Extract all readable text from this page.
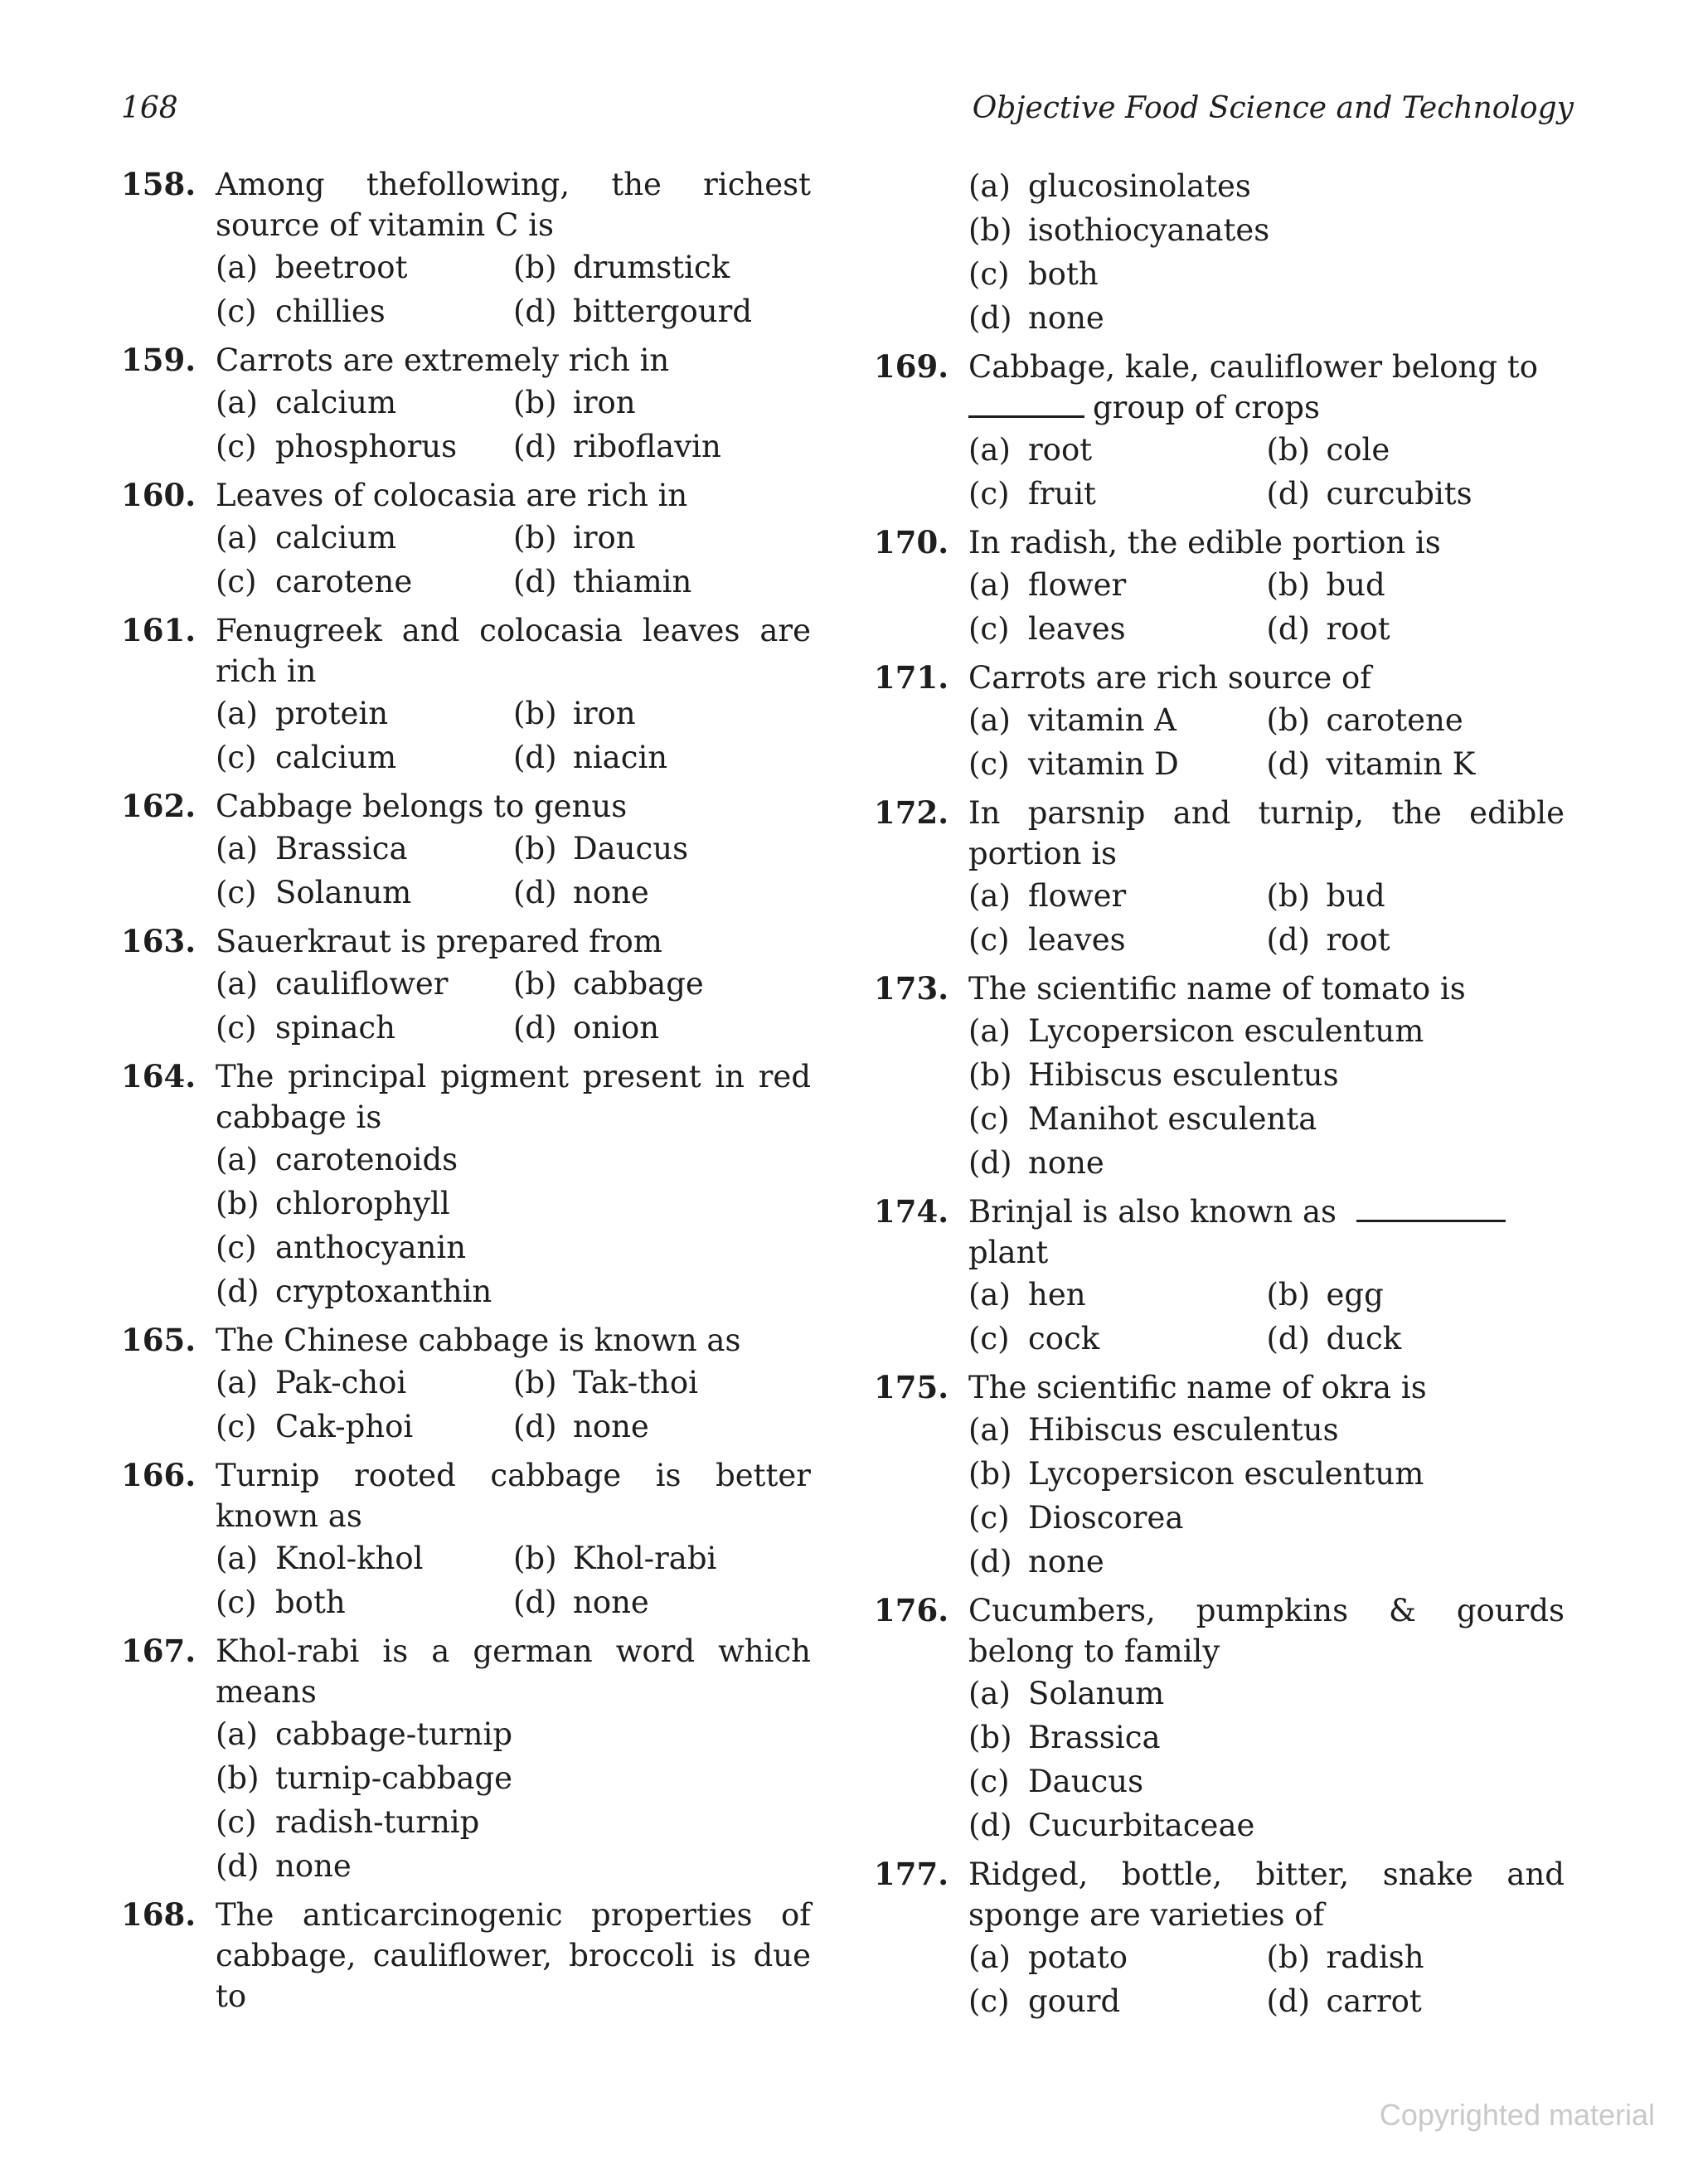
168	Objective Food Science and Technology
158. Among thefollowing, the richest source of vitamin C is
(a) beetroot	(b) drumstick
(c) chillies	(d) bittergourd
159. Carrots are extremely rich in
(a) calcium	(b) iron
(c) phosphorus (d) riboflavin
160. Leaves of colocasia are rich in
(a) calcium	(b) iron
(c) carotene	(d) thiamin
161. Fenugreek and colocasia leaves are rich in
(a) protein	(b) iron
(c) calcium	(d) niacin
162. Cabbage belongs to genus
(a) Brassica	(b) Daucus
(c) Solanum	(d) none
163. Sauerkraut is prepared from
(a) cauliflower (b) cabbage
(c) spinach	(d) onion
164. The principal pigment present in red cabbage is
(a) carotenoids
(b) chlorophyll
(c) anthocyanin
(d) cryptoxanthin
165. The Chinese cabbage is known as
(a) Pak-choi	(b) Tak-thoi
(c) Cak-phoi	(d) none
166. Turnip rooted cabbage is better known as
(a) Knol-khol	(b) Khol-rabi
(c) both	(d) none
167. Khol-rabi is a german word which means
(a) cabbage-turnip
(b) turnip-cabbage
(c) radish-turnip
(d) none
168. The anticarcinogenic properties of cabbage, cauliflower, broccoli is due to
(a) glucosinolates
(b) isothiocyanates
(c) both
(d) none
169. Cabbage, kale, cauliflower belong to
group of crops
(a) root	(b) cole
(c) fruit	(d) curcubits
170. In radish, the edible portion is
(a) flower	(b) bud
(c) leaves	(d) root
171. Carrots are rich source of
(a) vitamin A	(b) carotene
(c) vitamin D	(d) vitamin K
172. In parsnip and turnip, the edible portion is
(a) flower	(b) bud
(c) leaves	(d) root
173. The scientific name of tomato is
(a) Lycopersicon esculentum
(b) Hibiscus esculentus
(c) Manihot esculenta
(d) none
174. Brinjal is also known as
plant
(a) hen	(b) egg
(c) cock	(d) duck
175. The scientific name of okra is
(a) Hibiscus esculentus
(b) Lycopersicon esculentum
(c) Dioscorea
(d) none
176. Cucumbers, pumpkins & gourds belong to family
(a) Solanum
(b) Brassica
(c) Daucus
(d) Cucurbitaceae
177. Ridged, bottle, bitter, snake and sponge are varieties of
(a) potato	(b) radish
(c) gourd	(d) carrot
Copyrighted material
